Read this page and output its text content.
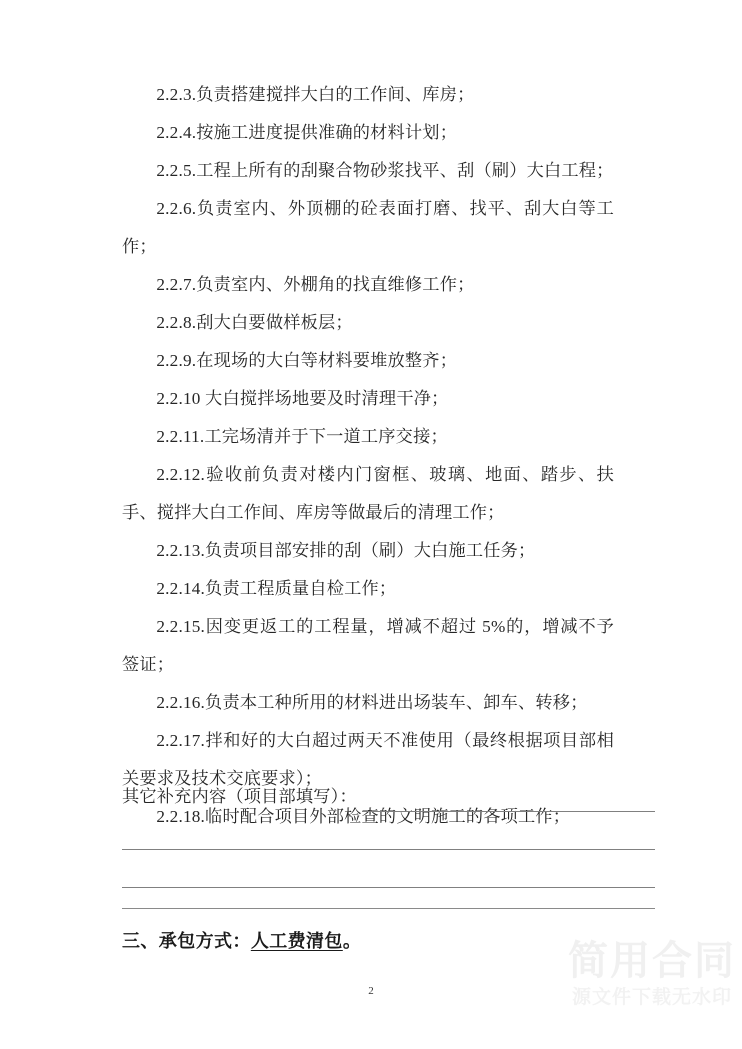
简用合同
源文件下载无水印

2.2.3.负责搭建搅拌大白的工作间、库房；

2.2.4.按施工进度提供准确的材料计划；

2.2.5.工程上所有的刮聚合物砂浆找平、刮（刷）大白工程；

2.2.6.负责室内、外顶棚的砼表面打磨、找平、刮大白等工作；

2.2.7.负责室内、外棚角的找直维修工作；

2.2.8.刮大白要做样板层；

2.2.9.在现场的大白等材料要堆放整齐；

2.2.10 大白搅拌场地要及时清理干净；

2.2.11.工完场清并于下一道工序交接；

2.2.12.验收前负责对楼内门窗框、玻璃、地面、踏步、扶手、搅拌大白工作间、库房等做最后的清理工作；

2.2.13.负责项目部安排的刮（刷）大白施工任务；

2.2.14.负责工程质量自检工作；

2.2.15.因变更返工的工程量，增减不超过 5%的，增减不予签证；

2.2.16.负责本工种所用的材料进出场装车、卸车、转移；

2.2.17.拌和好的大白超过两天不准使用（最终根据项目部相关要求及技术交底要求）；

2.2.18.临时配合项目外部检查的文明施工的各项工作；

其它补充内容（项目部填写）：
三、承包方式：人工费清包。
2
